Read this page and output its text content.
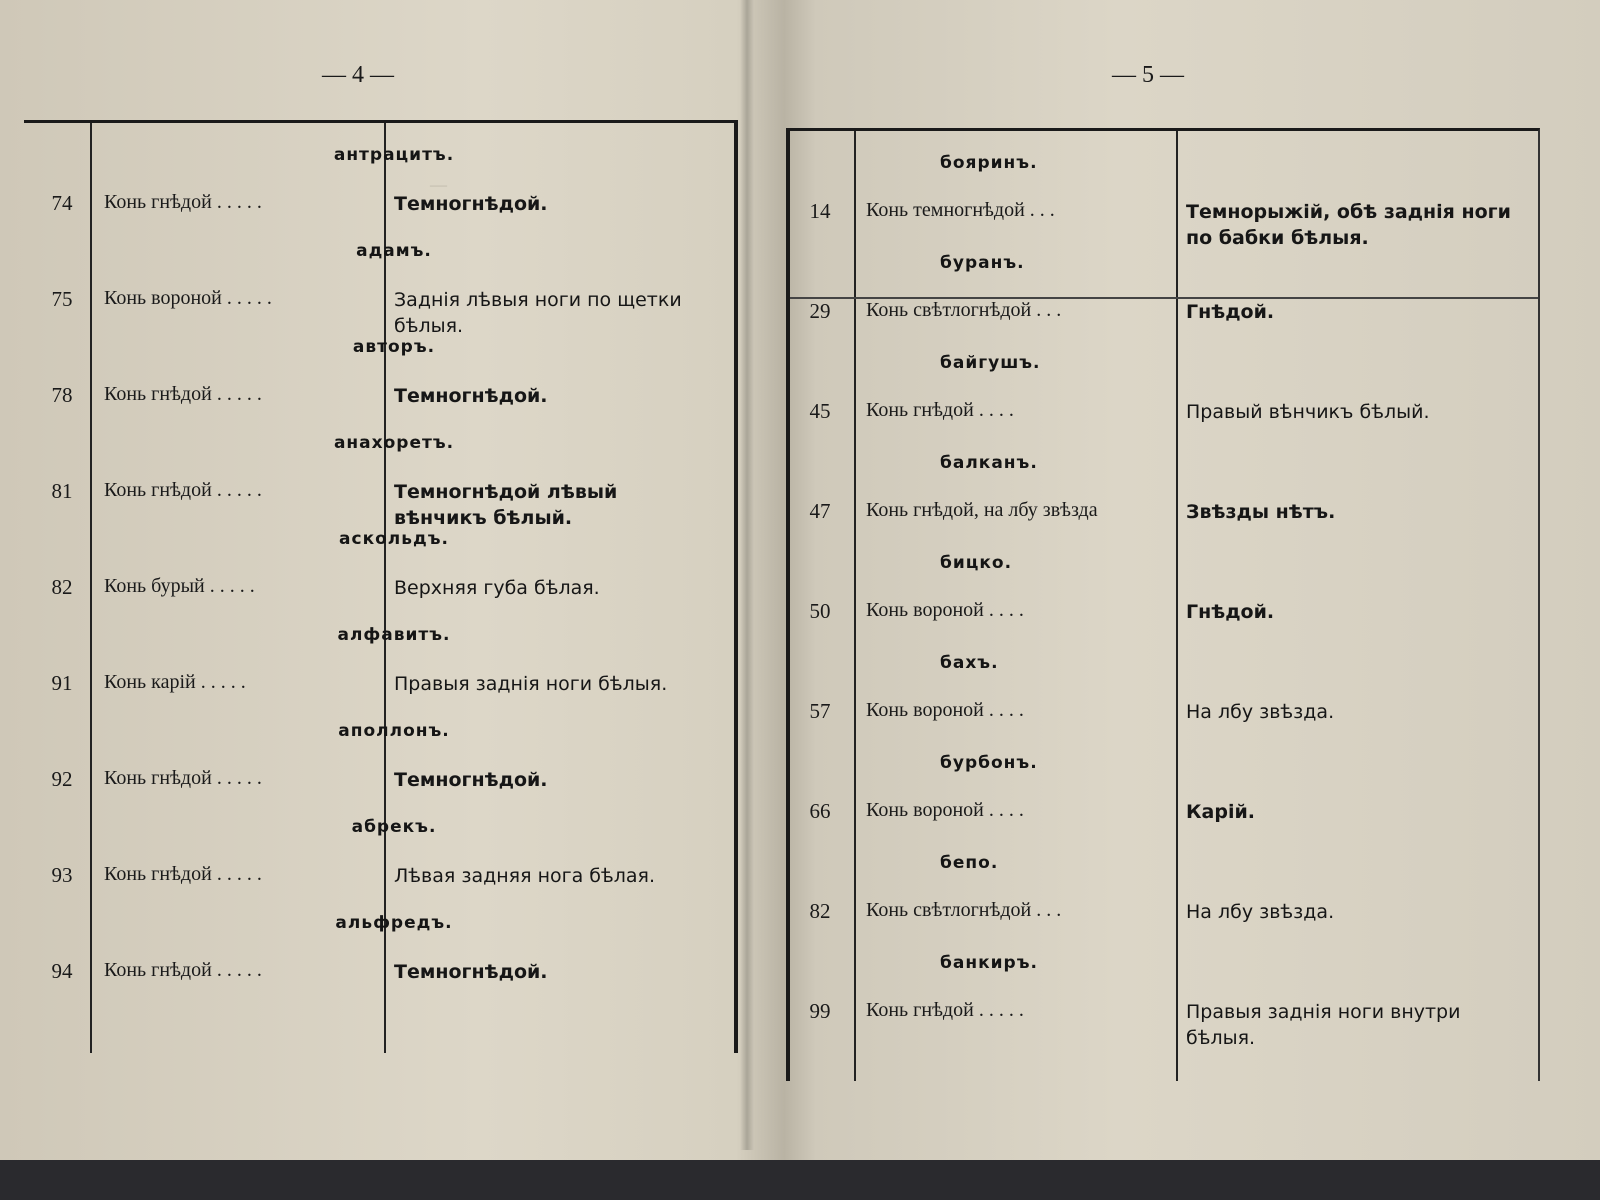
—
— 4 —
антрацитъ.
74	Конь гнѣдой . . . . .	Темногнѣдой.
адамъ.
75	Конь вороной . . . . .	Заднія лѣвыя ноги по щетки бѣлыя.
авторъ.
78	Конь гнѣдой . . . . .	Темногнѣдой.
анахоретъ.
81	Конь гнѣдой . . . . .	Темногнѣдой лѣвый вѣнчикъ бѣлый.
аскольдъ.
82	Конь бурый . . . . .	Верхняя губа бѣлая.
алфавитъ.
91	Конь карій . . . . .	Правыя заднія ноги бѣлыя.
аполлонъ.
92	Конь гнѣдой . . . . .	Темногнѣдой.
абрекъ.
93	Конь гнѣдой . . . . .	Лѣвая задняя нога бѣлая.
альфредъ.
94	Конь гнѣдой . . . . .	Темногнѣдой.
— 5 —
бояринъ.
14	Конь темногнѣдой . . .	Темнорыжій, обѣ заднія ноги по бабки бѣлыя.
буранъ.
29	Конь свѣтлогнѣдой . . .	Гнѣдой.
байгушъ.
45	Конь гнѣдой . . . .	Правый вѣнчикъ бѣлый.
балканъ.
47	Конь гнѣдой, на лбу звѣзда	Звѣзды нѣтъ.
бицко.
50	Конь вороной . . . .	Гнѣдой.
бахъ.
57	Конь вороной . . . .	На лбу звѣзда.
бурбонъ.
66	Конь вороной . . . .	Карій.
бепо.
82	Конь свѣтлогнѣдой . . .	На лбу звѣзда.
банкиръ.
99	Конь гнѣдой . . . . .	Правыя заднія ноги внутри бѣлыя.
